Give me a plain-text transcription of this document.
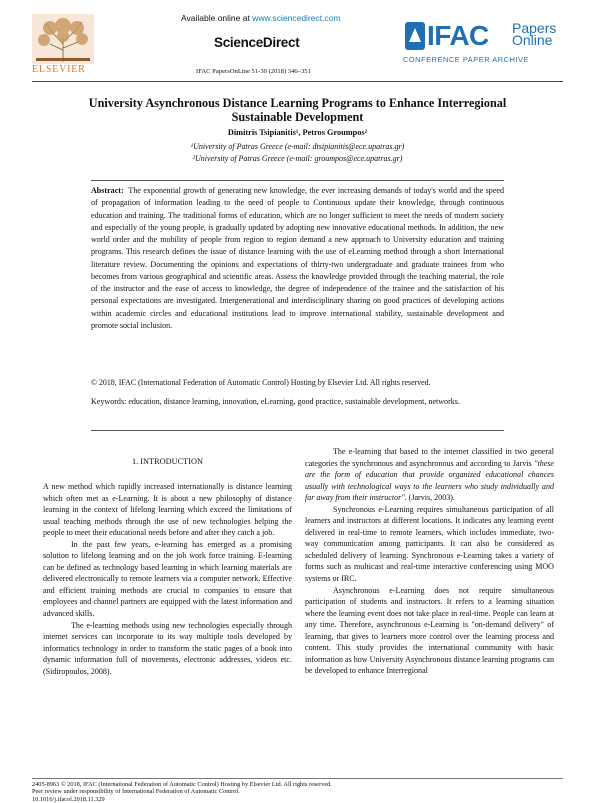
Available online at www.sciencedirect.com
ScienceDirect
IFAC PapersOnLine 51-30 (2018) 346–351
ELSEVIER
IFAC Papers
Online
CONFERENCE PAPER ARCHIVE
University Asynchronous Distance Learning Programs to Enhance Interregional
Sustainable Development
Dimitris Tsipianitis¹, Petros Groumpos²
¹University of Patras Greece (e-mail: dtsipianitis@ece.upatras.gr)
²University of Patras Greece (e-mail: groumpos@ece.upatras.gr)
Abstract: The exponential growth of generating new knowledge, the ever increasing demands of today's world and the speed of propagation of information leading to the need of people to Continuous update their knowledge, through continuous education and training. The traditional forms of education, which are no longer sufficient to meet the needs of modern society and especially of the young people, is gradually updated by adopting new innovative educational methods. In addition, the new world order and the mobility of people from region to region demand a new approach to University education and training programs. This research defines the issue of distance learning with the use of eLearning method through a short International literature review. Documenting the opinions and expectations of thirty-two undergraduate and graduate trainees from who becomes from various geographical and scientific areas. Assess the knowledge provided through the teaching material, the role of the instructor and the ease of access to knowledge, the degree of independence of the trainee and the satisfaction of his personal expectations are investigated. Intergenerational and interdisciplinary sharing on good practices of developing actions within academic circles and educational institutions lead to improve international stability, sustainable development and promote social inclusion.
© 2018, IFAC (International Federation of Automatic Control) Hosting by Elsevier Ltd. All rights reserved.
Keywords: education, distance learning, innovation, eLearning, good practice, sustainable development, networks.
1. INTRODUCTION

A new method which rapidly increased internationally is distance learning which often met as e-Learning. It is about a new philosophy of distance learning in the context of lifelong learning which exceed the limitations of usual teaching methods through the use of new technologies helping the people to meet their educational needs before and after they catch a job.

In the past few years, e-learning has emerged as a promising solution to lifelong learning and on the job work force training. E-learning can be defined as technology based learning in which learning materials are delivered electronically to remote learners via a computer network. Effective and efficient training methods are crucial to companies to ensure that employees and channel partners are equipped with the latest information and advanced skills.

The e-learning methods using new technologies especially through internet services can incorporate to its way multiple tools developed by informatics technology in order to transform the static pages of a book into dynamic information full of movements, electronic addresses, videos etc. (Sidiropoulos, 2008).

The e-learning that based to the internet classified in two general categories the synchronous and asynchronous and according to Jarvis "these are the form of education that provide organized educational chances usually with technological ways to the learners who study individually and far away from their instructor". (Jarvis, 2003).

Synchronous e-Learning requires simultaneous participation of all learners and instructors at different locations. It indicates any learning event delivered in real-time to remote learners, which includes immediate, two-way communication among participants. It can also be considered as scheduled delivery of learning. Synchronous e-Learning takes a variety of forms such as multicast and real-time interactive conferencing using MOO systems or IRC.

Asynchronous e-Learning does not require simultaneous participation of students and instructors. It refers to a learning situation where the learning event does not take place in real-time. People can learn at any time. Therefore, asynchronous e-Learning is "on-demand delivery" of learning, that gives to learners more control over the learning process and content. This study provides the international community with basic information as how University Asynchronous distance learning programs can be developed to enhance Interregional

2405-8963 © 2018, IFAC (International Federation of Automatic Control) Hosting by Elsevier Ltd. All rights reserved.
Peer review under responsibility of International Federation of Automatic Control.
10.1016/j.ifacol.2018.11.329
